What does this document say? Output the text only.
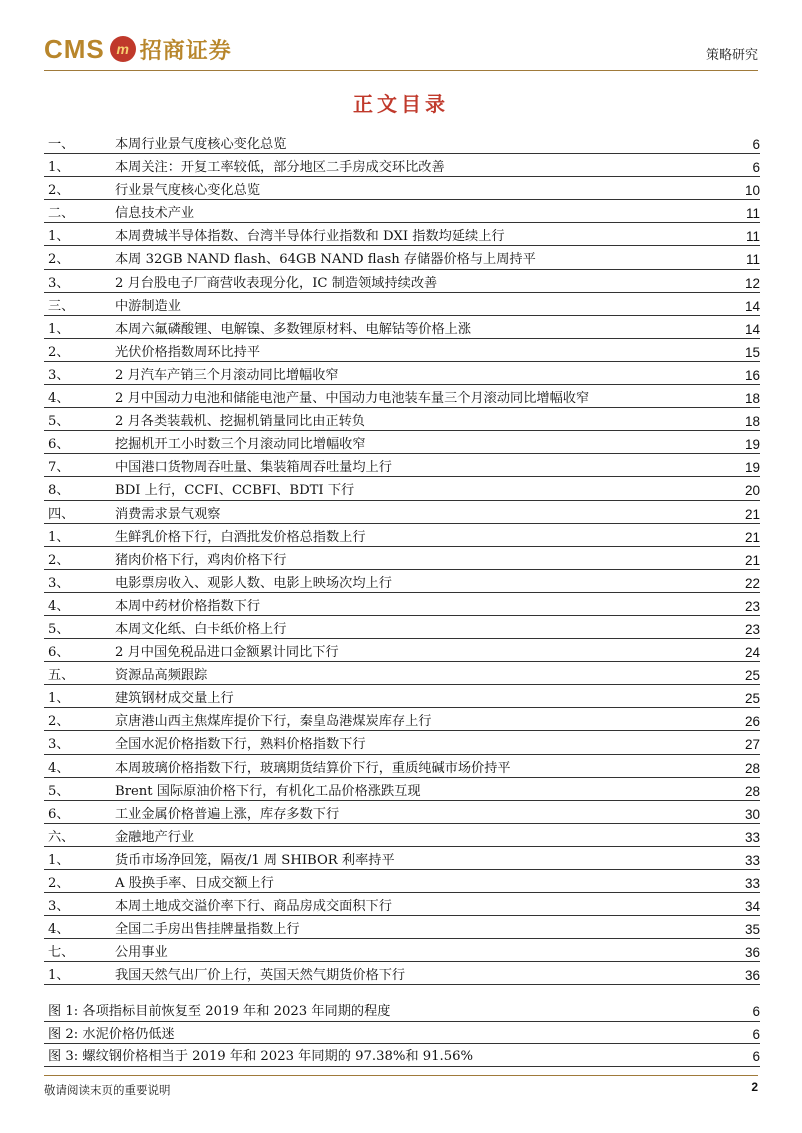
CMS m 招商证券	策略研究
正文目录
一、	本周行业景气度核心变化总览	6
1、	本周关注：开复工率较低，部分地区二手房成交环比改善	6
2、	行业景气度核心变化总览	10
二、	信息技术产业	11
1、	本周费城半导体指数、台湾半导体行业指数和 DXI 指数均延续上行	11
2、	本周 32GB NAND flash、64GB NAND flash 存储器价格与上周持平	11
3、	2 月台股电子厂商营收表现分化，IC 制造领域持续改善	12
三、	中游制造业	14
1、	本周六氟磷酸锂、电解镍、多数锂原材料、电解钴等价格上涨	14
2、	光伏价格指数周环比持平	15
3、	2 月汽车产销三个月滚动同比增幅收窄	16
4、	2 月中国动力电池和储能电池产量、中国动力电池装车量三个月滚动同比增幅收窄	18
5、	2 月各类装载机、挖掘机销量同比由正转负	18
6、	挖掘机开工小时数三个月滚动同比增幅收窄	19
7、	中国港口货物周吞吐量、集装箱周吞吐量均上行	19
8、	BDI 上行，CCFI、CCBFI、BDTI 下行	20
四、	消费需求景气观察	21
1、	生鲜乳价格下行，白酒批发价格总指数上行	21
2、	猪肉价格下行，鸡肉价格下行	21
3、	电影票房收入、观影人数、电影上映场次均上行	22
4、	本周中药材价格指数下行	23
5、	本周文化纸、白卡纸价格上行	23
6、	2 月中国免税品进口金额累计同比下行	24
五、	资源品高频跟踪	25
1、	建筑钢材成交量上行	25
2、	京唐港山西主焦煤库提价下行，秦皇岛港煤炭库存上行	26
3、	全国水泥价格指数下行，熟料价格指数下行	27
4、	本周玻璃价格指数下行，玻璃期货结算价下行，重质纯碱市场价持平	28
5、	Brent 国际原油价格下行，有机化工品价格涨跌互现	28
6、	工业金属价格普遍上涨，库存多数下行	30
六、	金融地产行业	33
1、	货币市场净回笼，隔夜/1 周 SHIBOR 利率持平	33
2、	A 股换手率、日成交额上行	33
3、	本周土地成交溢价率下行、商品房成交面积下行	34
4、	全国二手房出售挂牌量指数上行	35
七、	公用事业	36
1、	我国天然气出厂价上行，英国天然气期货价格下行	36
图 1: 各项指标目前恢复至 2019 年和 2023 年同期的程度	6
图 2: 水泥价格仍低迷	6
图 3: 螺纹钢价格相当于 2019 年和 2023 年同期的 97.38%和 91.56%	6
敬请阅读末页的重要说明	2
